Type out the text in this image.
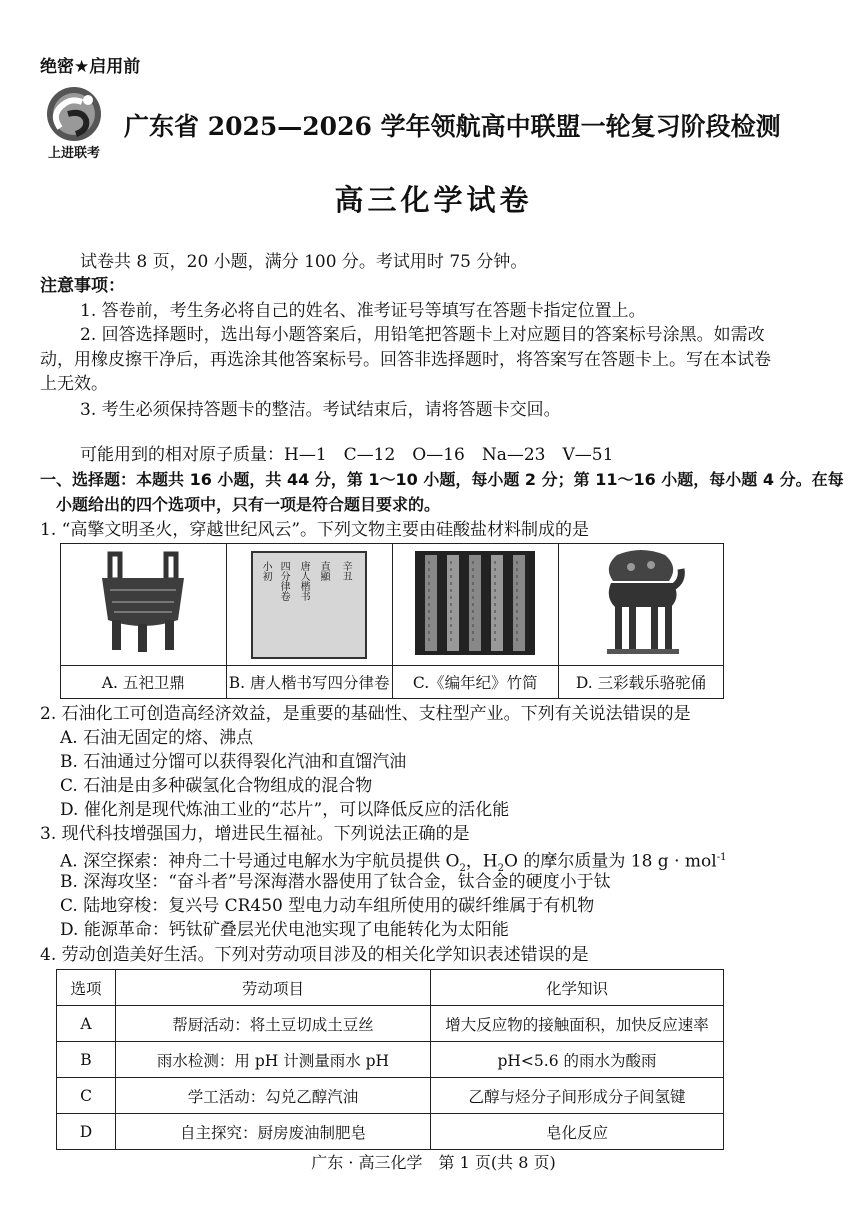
绝密★启用前
上进联考
广东省 2025—2026 学年领航高中联盟一轮复习阶段检测
高三化学试卷
试卷共 8 页，20 小题，满分 100 分。考试用时 75 分钟。
注意事项：
1. 答卷前，考生务必将自己的姓名、准考证号等填写在答题卡指定位置上。
2. 回答选择题时，选出每小题答案后，用铅笔把答题卡上对应题目的答案标号涂黑。如需改
动，用橡皮擦干净后，再选涂其他答案标号。回答非选择题时，将答案写在答题卡上。写在本试卷
上无效。
3. 考生必须保持答题卡的整洁。考试结束后，请将答题卡交回。
可能用到的相对原子质量：H—1　C—12　O—16　Na—23　V—51
一、选择题：本题共 16 小题，共 44 分，第 1～10 小题，每小题 2 分；第 11～16 小题，每小题 4 分。在每
小题给出的四个选项中，只有一项是符合题目要求的。
1. “高擎文明圣火，穿越世纪风云”。下列文物主要由硅酸盐材料制成的是

小初 四分律卷 唐人楷书 直顯 辛丑

A. 五祀卫鼎	B. 唐人楷书写四分律卷	C.《编年纪》竹简	D. 三彩载乐骆驼俑
2. 石油化工可创造高经济效益，是重要的基础性、支柱型产业。下列有关说法错误的是
A. 石油无固定的熔、沸点
B. 石油通过分馏可以获得裂化汽油和直馏汽油
C. 石油是由多种碳氢化合物组成的混合物
D. 催化剂是现代炼油工业的“芯片”，可以降低反应的活化能
3. 现代科技增强国力，增进民生福祉。下列说法正确的是
A. 深空探索：神舟二十号通过电解水为宇航员提供 $O_2$，$H_2O$ 的摩尔质量为 18 g · mol$^{-1}$
B. 深海攻坚：“奋斗者”号深海潜水器使用了钛合金，钛合金的硬度小于钛
C. 陆地穿梭：复兴号 CR450 型电力动车组所使用的碳纤维属于有机物
D. 能源革命：钙钛矿叠层光伏电池实现了电能转化为太阳能
4. 劳动创造美好生活。下列对劳动项目涉及的相关化学知识表述错误的是
选项	劳动项目	化学知识
A	帮厨活动：将土豆切成土豆丝	增大反应物的接触面积，加快反应速率
B	雨水检测：用 pH 计测量雨水 pH	pH<5.6 的雨水为酸雨
C	学工活动：勾兑乙醇汽油	乙醇与烃分子间形成分子间氢键
D	自主探究：厨房废油制肥皂	皂化反应
广东 · 高三化学　第 1 页(共 8 页)
